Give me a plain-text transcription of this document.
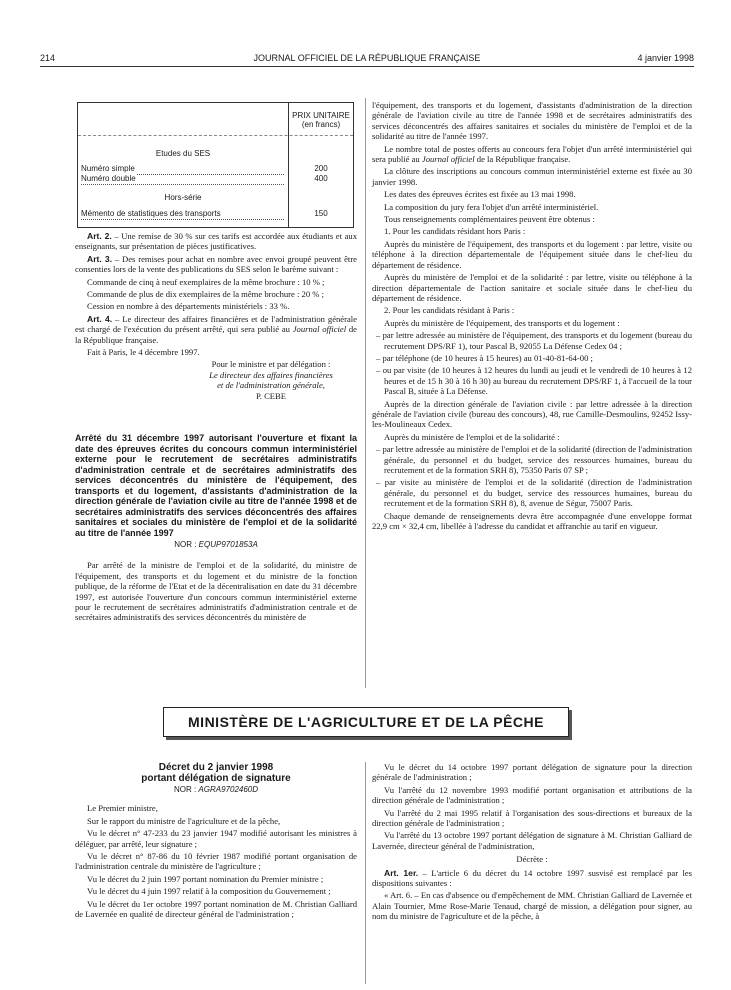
214	JOURNAL OFFICIEL DE LA RÉPUBLIQUE FRANÇAISE	4 janvier 1998
PRIX UNITAIRE
(en francs)
Etudes du SES
Numéro simple	200
Numéro double	400
Hors-série
Mémento de statistiques des transports	150

Art. 2. – Une remise de 30 % sur ces tarifs est accordée aux étudiants et aux enseignants, sur présentation de pièces justificatives.

Art. 3. – Des remises pour achat en nombre avec envoi groupé peuvent être consenties lors de la vente des publications du SES selon le barème suivant :

Commande de cinq à neuf exemplaires de la même brochure : 10 % ;

Commande de plus de dix exemplaires de la même brochure : 20 % ;

Cession en nombre à des départements ministériels : 33 %.

Art. 4. – Le directeur des affaires financières et de l'administration générale est chargé de l'exécution du présent arrêté, qui sera publié au Journal officiel de la République française.

Fait à Paris, le 4 décembre 1997.

Pour le ministre et par délégation :
Le directeur des affaires financières
et de l'administration générale,
P. CEBE
Arrêté du 31 décembre 1997 autorisant l'ouverture et fixant la date des épreuves écrites du concours commun interministériel externe pour le recrutement de secrétaires administratifs d'administration centrale et de secrétaires administratifs des services déconcentrés du ministère de l'équipement, des transports et du logement, d'assistants d'administration de la direction générale de l'aviation civile au titre de l'année 1998 et de secrétaires administratifs des services déconcentrés des affaires sanitaires et sociales du ministère de l'emploi et de la solidarité au titre de l'année 1997
NOR : EQUP9701853A

Par arrêté de la ministre de l'emploi et de la solidarité, du ministre de l'équipement, des transports et du logement et du ministre de la fonction publique, de la réforme de l'Etat et de la décentralisation en date du 31 décembre 1997, est autorisée l'ouverture d'un concours commun interministériel externe pour le recrutement de secrétaires administratifs d'administration centrale et de secrétaires administratifs des services déconcentrés du ministère de

l'équipement, des transports et du logement, d'assistants d'administration de la direction générale de l'aviation civile au titre de l'année 1998 et de secrétaires administratifs des services déconcentrés des affaires sanitaires et sociales du ministère de l'emploi et de la solidarité au titre de l'année 1997.

Le nombre total de postes offerts au concours fera l'objet d'un arrêté interministériel qui sera publié au Journal officiel de la République française.

La clôture des inscriptions au concours commun interministériel externe est fixée au 30 janvier 1998.

Les dates des épreuves écrites est fixée au 13 mai 1998.

La composition du jury fera l'objet d'un arrêté interministériel.

Tous renseignements complémentaires peuvent être obtenus :

1. Pour les candidats résidant hors Paris :

Auprès du ministère de l'équipement, des transports et du logement : par lettre, visite ou téléphone à la direction départementale de l'équipement située dans le chef-lieu du département de résidence.

Auprès du ministère de l'emploi et de la solidarité : par lettre, visite ou téléphone à la direction départementale de l'action sanitaire et sociale située dans le chef-lieu du département de résidence.

2. Pour les candidats résidant à Paris :

Auprès du ministère de l'équipement, des transports et du logement :

– par lettre adressée au ministère de l'équipement, des transports et du logement (bureau du recrutement DPS/RF 1), tour Pascal B, 92055 La Défense Cedex 04 ;

– par téléphone (de 10 heures à 15 heures) au 01-40-81-64-00 ;

– ou par visite (de 10 heures à 12 heures du lundi au jeudi et le vendredi de 10 heures à 12 heures et de 15 h 30 à 16 h 30) au bureau du recrutement DPS/RF 1, à l'accueil de la tour Pascal B, située à La Défense.

Auprès de la direction générale de l'aviation civile : par lettre adressée à la direction générale de l'aviation civile (bureau des concours), 48, rue Camille-Desmoulins, 92452 Issy-les-Moulineaux Cedex.

Auprès du ministère de l'emploi et de la solidarité :

– par lettre adressée au ministère de l'emploi et de la solidarité (direction de l'administration générale, du personnel et du budget, service des ressources humaines, bureau du recrutement et de la formation SRH 8), 75350 Paris 07 SP ;

– par visite au ministère de l'emploi et de la solidarité (direction de l'administration générale, du personnel et du budget, service des ressources humaines, bureau du recrutement et de la formation SRH 8), 8, avenue de Ségur, 75007 Paris.

Chaque demande de renseignements devra être accompagnée d'une enveloppe format 22,9 cm × 32,4 cm, libellée à l'adresse du candidat et affranchie au tarif en vigueur.

MINISTÈRE DE L'AGRICULTURE ET DE LA PÊCHE
Décret du 2 janvier 1998
portant délégation de signature
NOR : AGRA9702460D

Le Premier ministre,

Sur le rapport du ministre de l'agriculture et de la pêche,

Vu le décret n° 47-233 du 23 janvier 1947 modifié autorisant les ministres à déléguer, par arrêté, leur signature ;

Vu le décret n° 87-86 du 10 février 1987 modifié portant organisation de l'administration centrale du ministère de l'agriculture ;

Vu le décret du 2 juin 1997 portant nomination du Premier ministre ;

Vu le décret du 4 juin 1997 relatif à la composition du Gouvernement ;

Vu le décret du 1er octobre 1997 portant nomination de M. Christian Galliard de Lavernée en qualité de directeur général de l'administration ;

Vu le décret du 14 octobre 1997 portant délégation de signature pour la direction générale de l'administration ;

Vu l'arrêté du 12 novembre 1993 modifié portant organisation et attributions de la direction générale de l'administration ;

Vu l'arrêté du 2 mai 1995 relatif à l'organisation des sous-directions et bureaux de la direction générale de l'administration ;

Vu l'arrêté du 13 octobre 1997 portant délégation de signature à M. Christian Galliard de Lavernée, directeur général de l'administration,

Décrète :

Art. 1er. – L'article 6 du décret du 14 octobre 1997 susvisé est remplacé par les dispositions suivantes :

« Art. 6. – En cas d'absence ou d'empêchement de MM. Christian Galliard de Lavernée et Alain Tournier, Mme Rose-Marie Tenaud, chargé de mission, a délégation pour signer, au nom du ministre de l'agriculture et de la pêche, à
